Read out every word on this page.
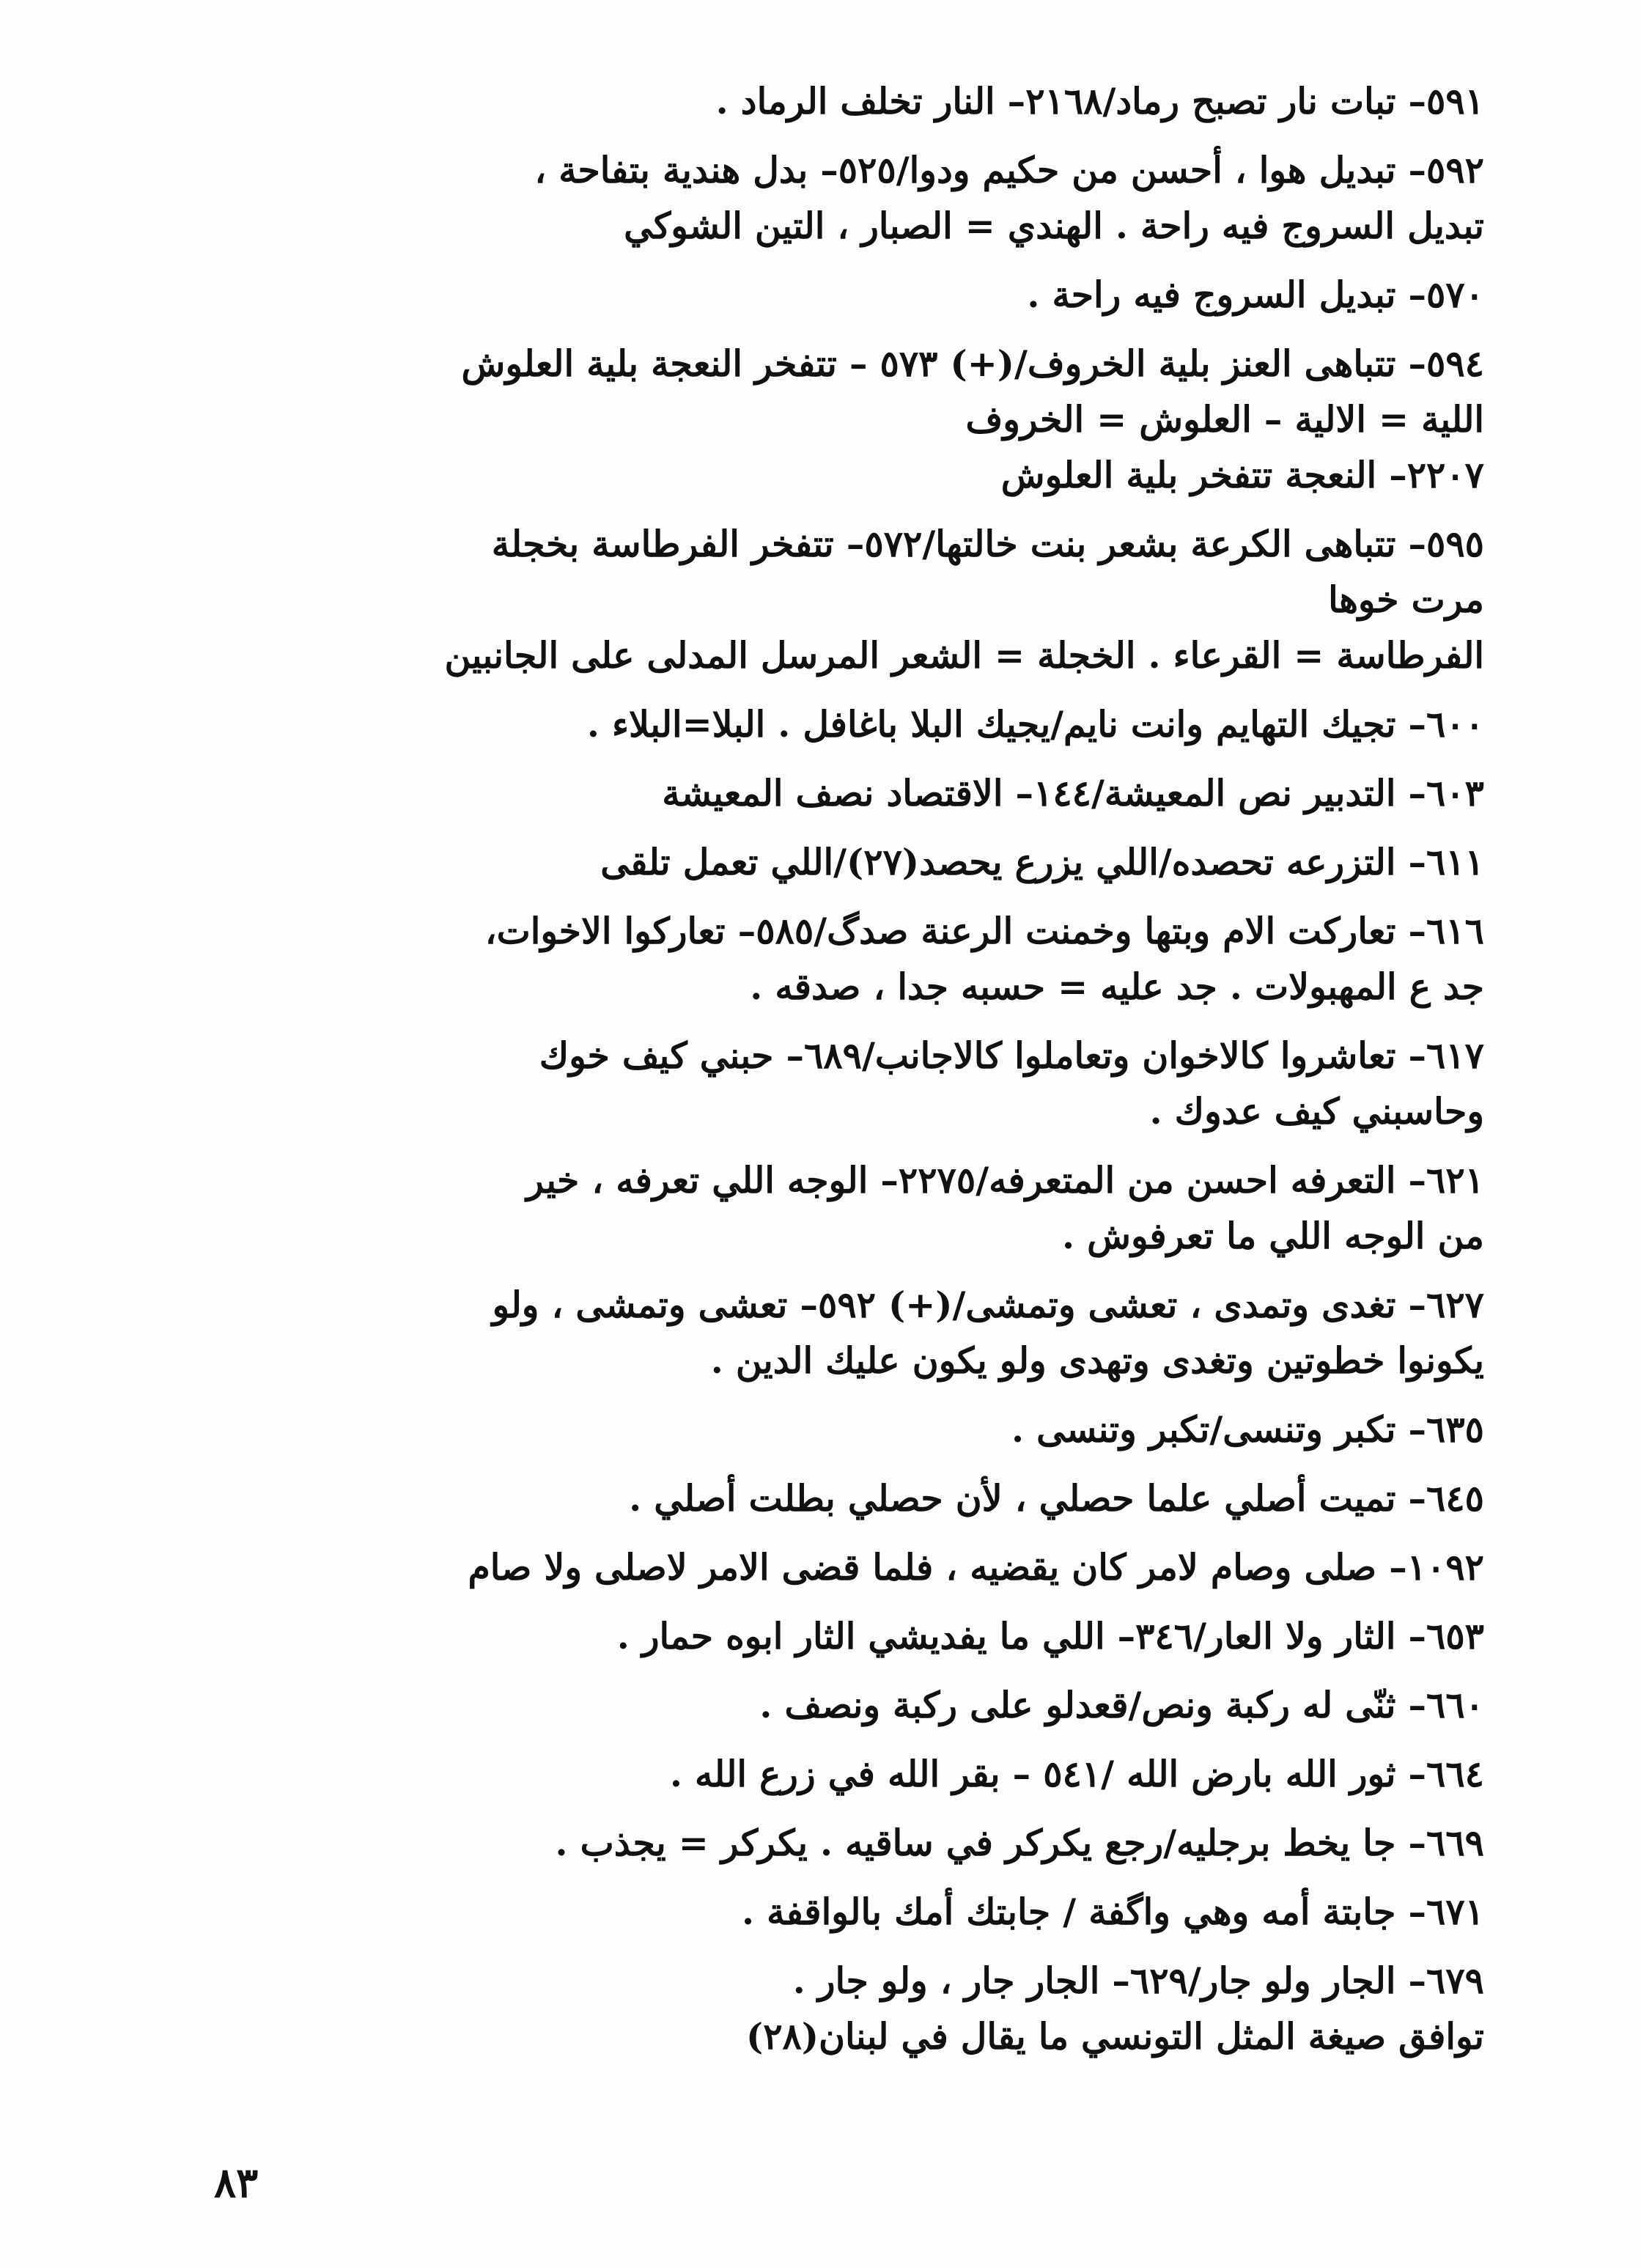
٥٩١– تبات نار تصبح رماد/٢١٦٨– النار تخلف الرماد .
٥٩٢– تبديل هوا ، أحسن من حكيم ودوا/٥٢٥– بدل هندية بتفاحة ،
تبديل السروج فيه راحة . الهندي = الصبار ، التين الشوكي
٥٧٠– تبديل السروج فيه راحة .
٥٩٤– تتباهى العنز بلية الخروف/(+) ٥٧٣ – تتفخر النعجة بلية العلوش
اللية = الالية – العلوش = الخروف
٢٢٠٧– النعجة تتفخر بلية العلوش
٥٩٥– تتباهى الكرعة بشعر بنت خالتها/٥٧٢– تتفخر الفرطاسة بخجلة
مرت خوها
الفرطاسة = القرعاء . الخجلة = الشعر المرسل المدلى على الجانبين
٦٠٠– تجيك التهايم وانت نايم/يجيك البلا باغافل . البلا=البلاء .
٦٠٣– التدبير نص المعيشة/١٤٤– الاقتصاد نصف المعيشة
٦١١– التزرعه تحصده/اللي يزرع يحصد(٢٧)/اللي تعمل تلقى
٦١٦– تعاركت الام وبتها وخمنت الرعنة صدگ/٥٨٥– تعاركوا الاخوات،
جد ع المهبولات . جد عليه = حسبه جدا ، صدقه .
٦١٧– تعاشروا كالاخوان وتعاملوا كالاجانب/٦٨٩– حبني كيف خوك
وحاسبني كيف عدوك .
٦٢١– التعرفه احسن من المتعرفه/٢٢٧٥– الوجه اللي تعرفه ، خير
من الوجه اللي ما تعرفوش .
٦٢٧– تغدى وتمدى ، تعشى وتمشى/(+) ٥٩٢– تعشى وتمشى ، ولو
يكونوا خطوتين وتغدى وتهدى ولو يكون عليك الدين .
٦٣٥– تكبر وتنسى/تكبر وتنسى .
٦٤٥– تميت أصلي علما حصلي ، لأن حصلي بطلت أصلي .
١٠٩٢– صلى وصام لامر كان يقضيه ، فلما قضى الامر لاصلى ولا صام
٦٥٣– الثار ولا العار/٣٤٦– اللي ما يفديشي الثار ابوه حمار .
٦٦٠– ثنّى له ركبة ونص/قعدلو على ركبة ونصف .
٦٦٤– ثور الله بارض الله /٥٤١ – بقر الله في زرع الله .
٦٦٩– جا يخط برجليه/رجع يكركر في ساقيه . يكركر = يجذب .
٦٧١– جابتة أمه وهي واگفة / جابتك أمك بالواقفة .
٦٧٩– الجار ولو جار/٦٢٩– الجار جار ، ولو جار .
توافق صيغة المثل التونسي ما يقال في لبنان(٢٨)
٨٣
